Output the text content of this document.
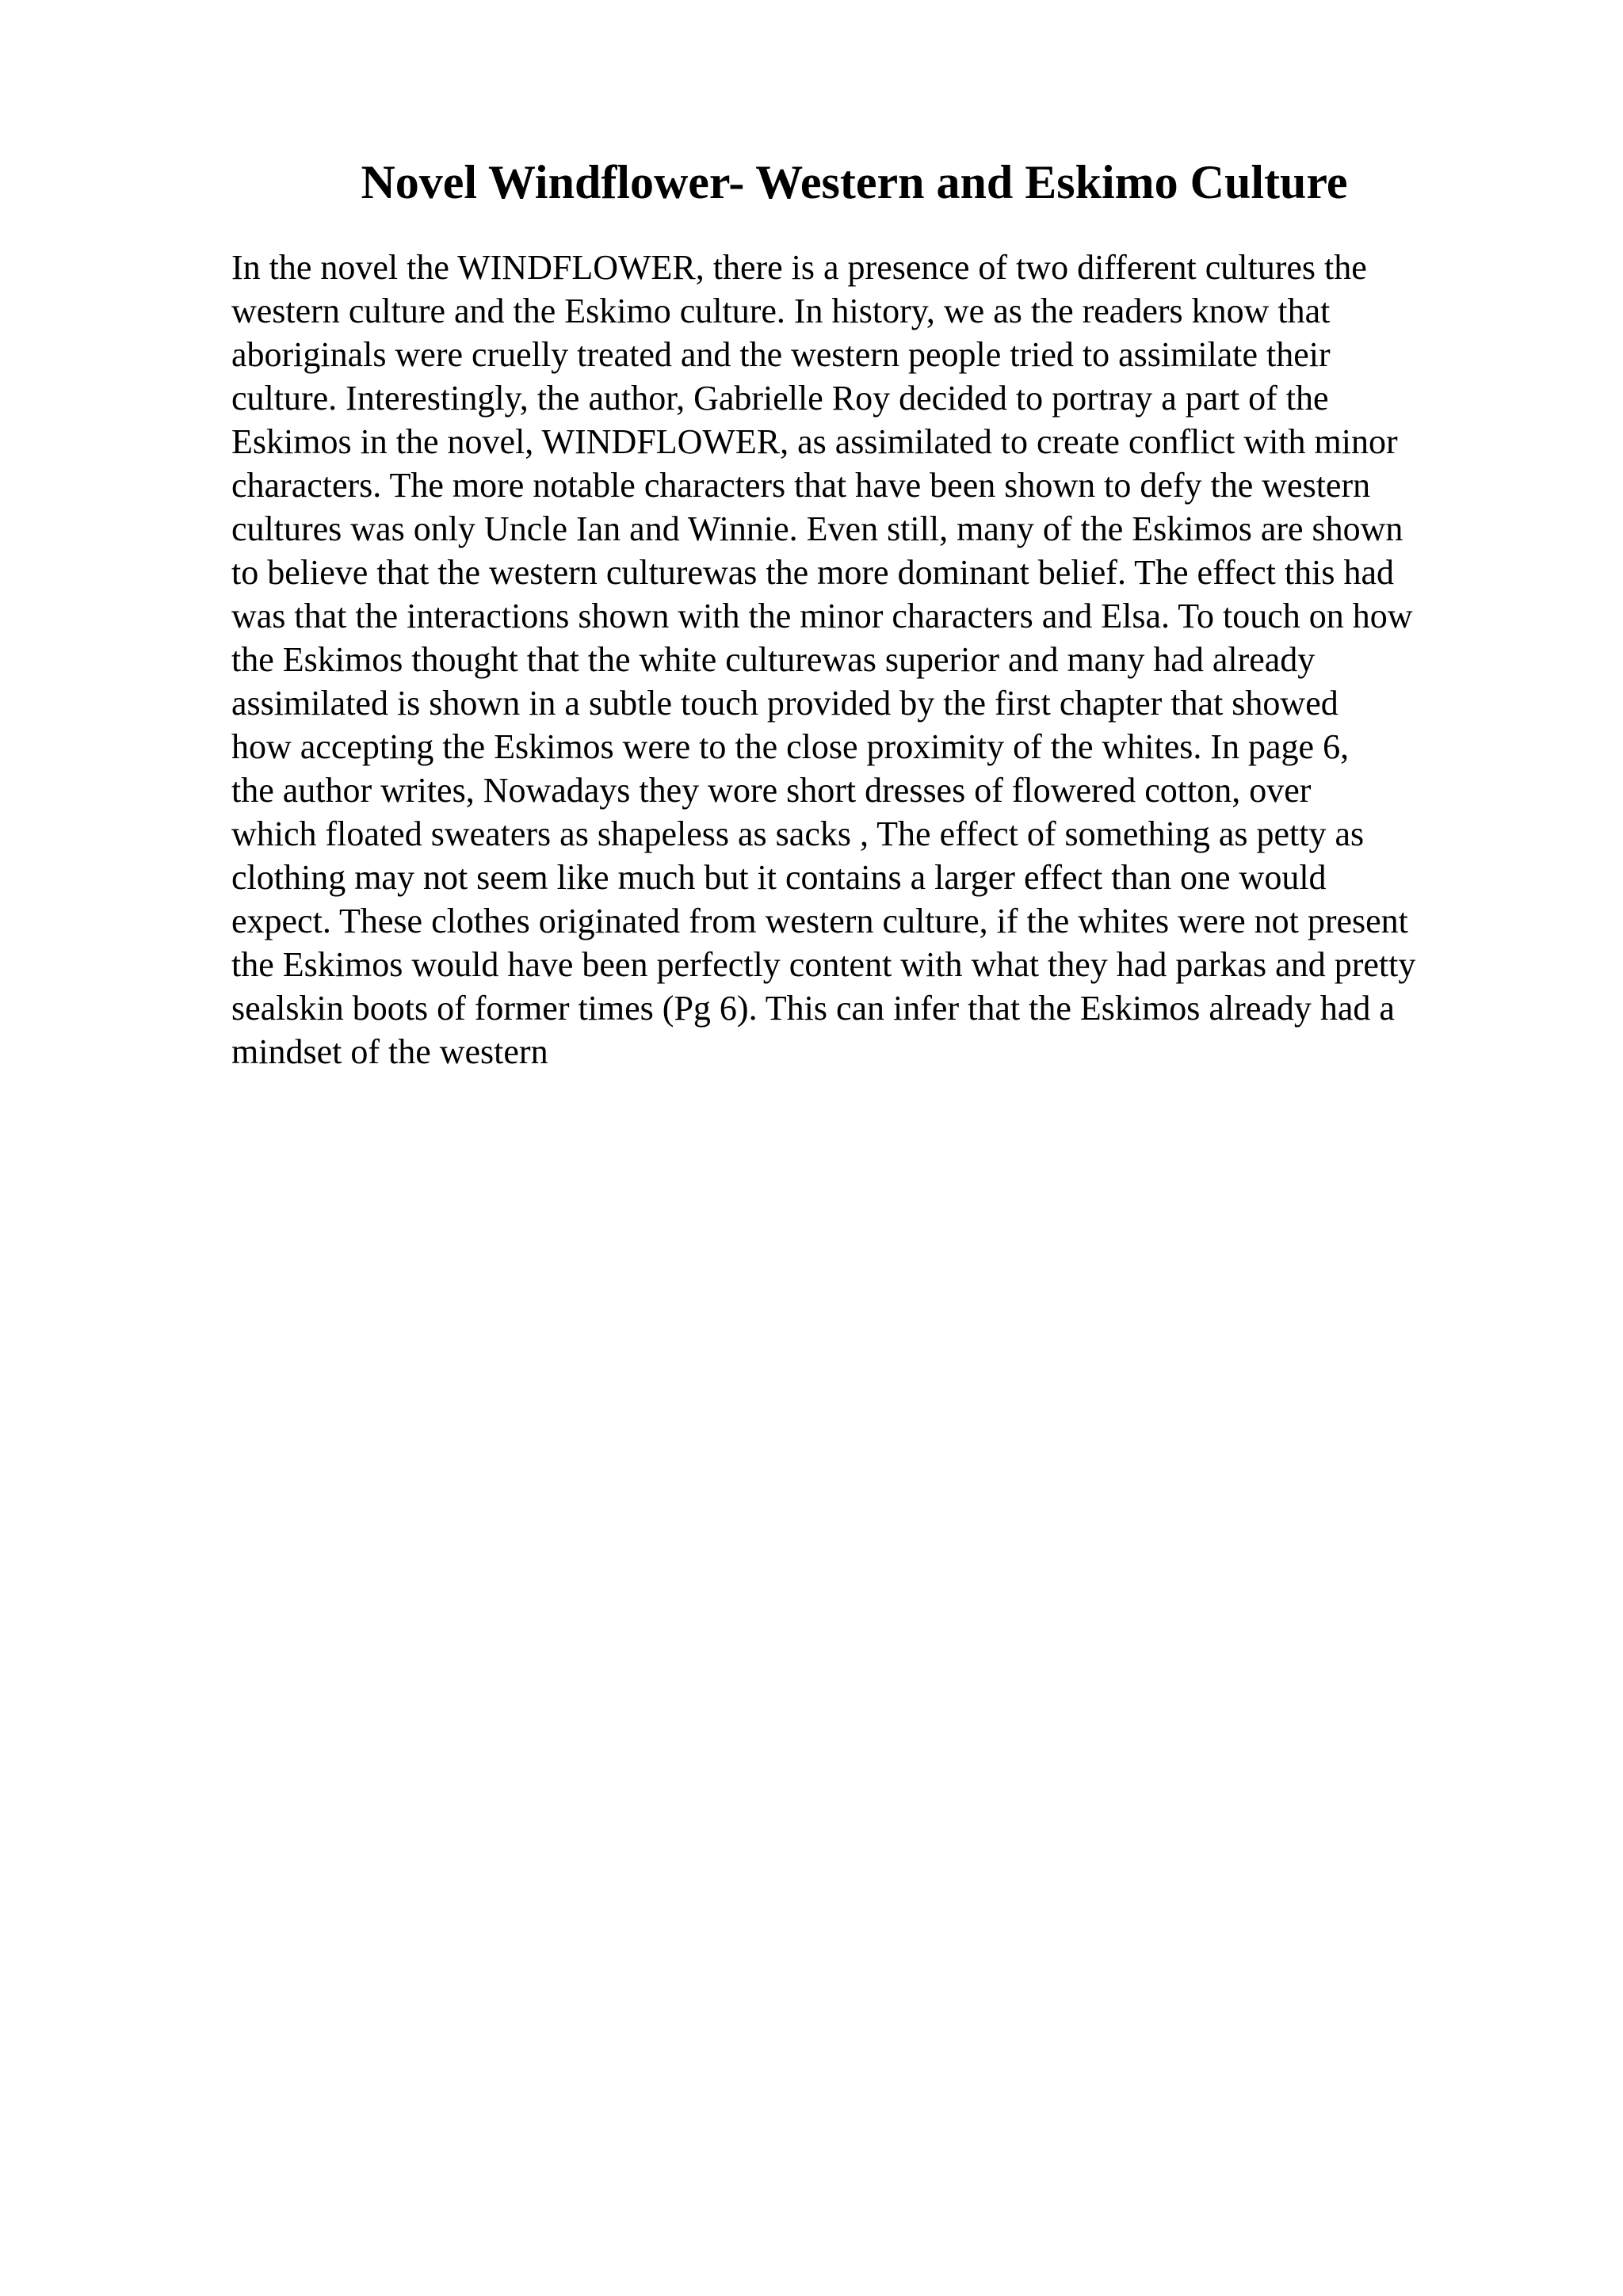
Novel Windflower- Western and Eskimo Culture

In the novel the WINDFLOWER, there is a presence of two different cultures the
western culture and the Eskimo culture. In history, we as the readers know that
aboriginals were cruelly treated and the western people tried to assimilate their
culture. Interestingly, the author, Gabrielle Roy decided to portray a part of the
Eskimos in the novel, WINDFLOWER, as assimilated to create conflict with minor
characters. The more notable characters that have been shown to defy the western
cultures was only Uncle Ian and Winnie. Even still, many of the Eskimos are shown
to believe that the western culturewas the more dominant belief. The effect this had
was that the interactions shown with the minor characters and Elsa. To touch on how
the Eskimos thought that the white culturewas superior and many had already
assimilated is shown in a subtle touch provided by the first chapter that showed
how accepting the Eskimos were to the close proximity of the whites. In page 6,
the author writes, Nowadays they wore short dresses of flowered cotton, over
which floated sweaters as shapeless as sacks , The effect of something as petty as
clothing may not seem like much but it contains a larger effect than one would
expect. These clothes originated from western culture, if the whites were not present
the Eskimos would have been perfectly content with what they had parkas and pretty
sealskin boots of former times (Pg 6). This can infer that the Eskimos already had a
mindset of the western
